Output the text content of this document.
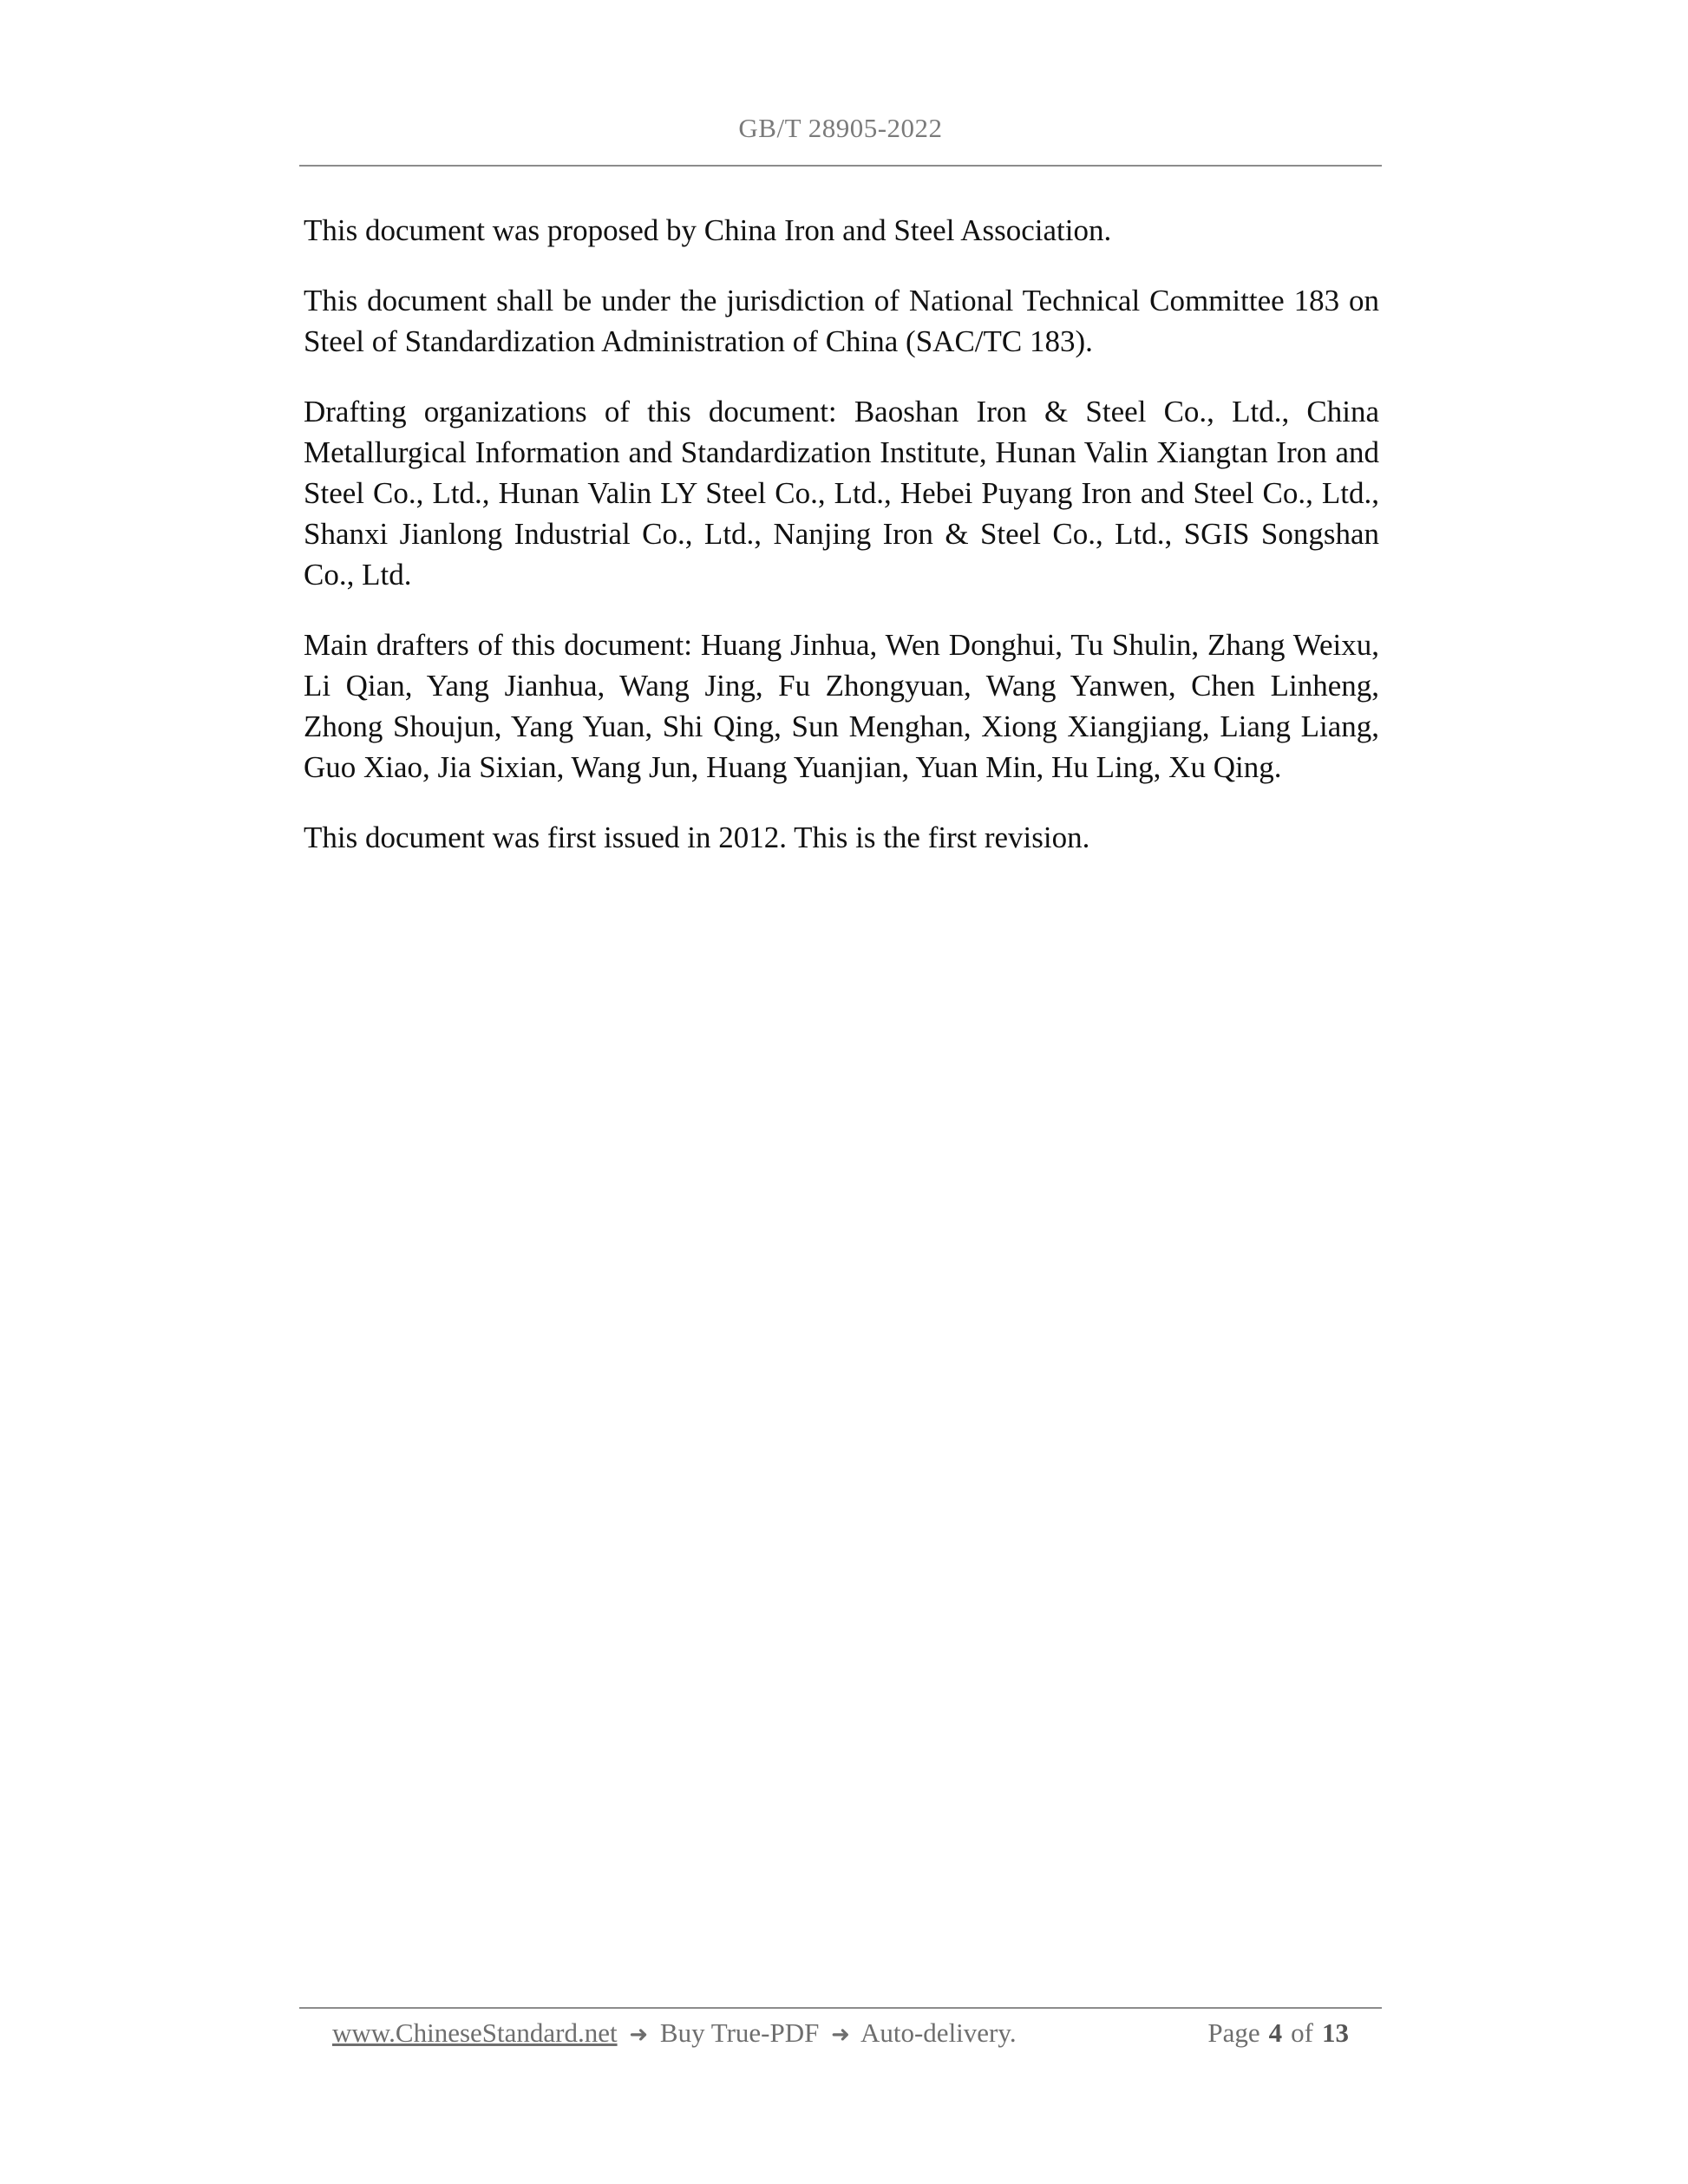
GB/T 28905-2022

This document was proposed by China Iron and Steel Association.

This document shall be under the jurisdiction of National Technical Committee 183 on Steel of Standardization Administration of China (SAC/TC 183).

Drafting organizations of this document: Baoshan Iron & Steel Co., Ltd., China Metallurgical Information and Standardization Institute, Hunan Valin Xiangtan Iron and Steel Co., Ltd., Hunan Valin LY Steel Co., Ltd., Hebei Puyang Iron and Steel Co., Ltd., Shanxi Jianlong Industrial Co., Ltd., Nanjing Iron & Steel Co., Ltd., SGIS Songshan Co., Ltd.

Main drafters of this document: Huang Jinhua, Wen Donghui, Tu Shulin, Zhang Weixu, Li Qian, Yang Jianhua, Wang Jing, Fu Zhongyuan, Wang Yanwen, Chen Linheng, Zhong Shoujun, Yang Yuan, Shi Qing, Sun Menghan, Xiong Xiangjiang, Liang Liang, Guo Xiao, Jia Sixian, Wang Jun, Huang Yuanjian, Yuan Min, Hu Ling, Xu Qing.

This document was first issued in 2012. This is the first revision.

www.ChineseStandard.net ➜ Buy True-PDF ➜ Auto-delivery.	Page 4 of 13
